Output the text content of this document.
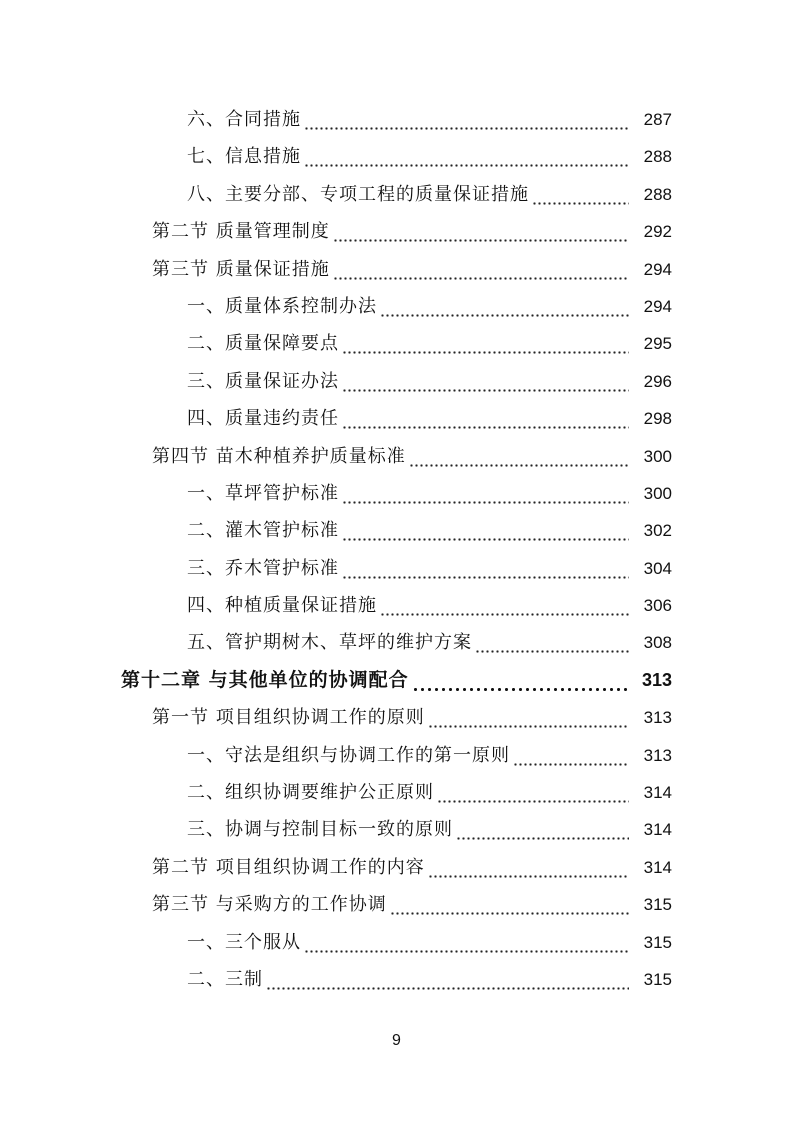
六、合同措施	287
七、信息措施	288
八、主要分部、专项工程的质量保证措施	288
第二节 质量管理制度	292
第三节 质量保证措施	294
一、质量体系控制办法	294
二、质量保障要点	295
三、质量保证办法	296
四、质量违约责任	298
第四节 苗木种植养护质量标准	300
一、草坪管护标准	300
二、灌木管护标准	302
三、乔木管护标准	304
四、种植质量保证措施	306
五、管护期树木、草坪的维护方案	308
第十二章 与其他单位的协调配合	313
第一节 项目组织协调工作的原则	313
一、守法是组织与协调工作的第一原则	313
二、组织协调要维护公正原则	314
三、协调与控制目标一致的原则	314
第二节 项目组织协调工作的内容	314
第三节 与采购方的工作协调	315
一、三个服从	315
二、三制	315
9
